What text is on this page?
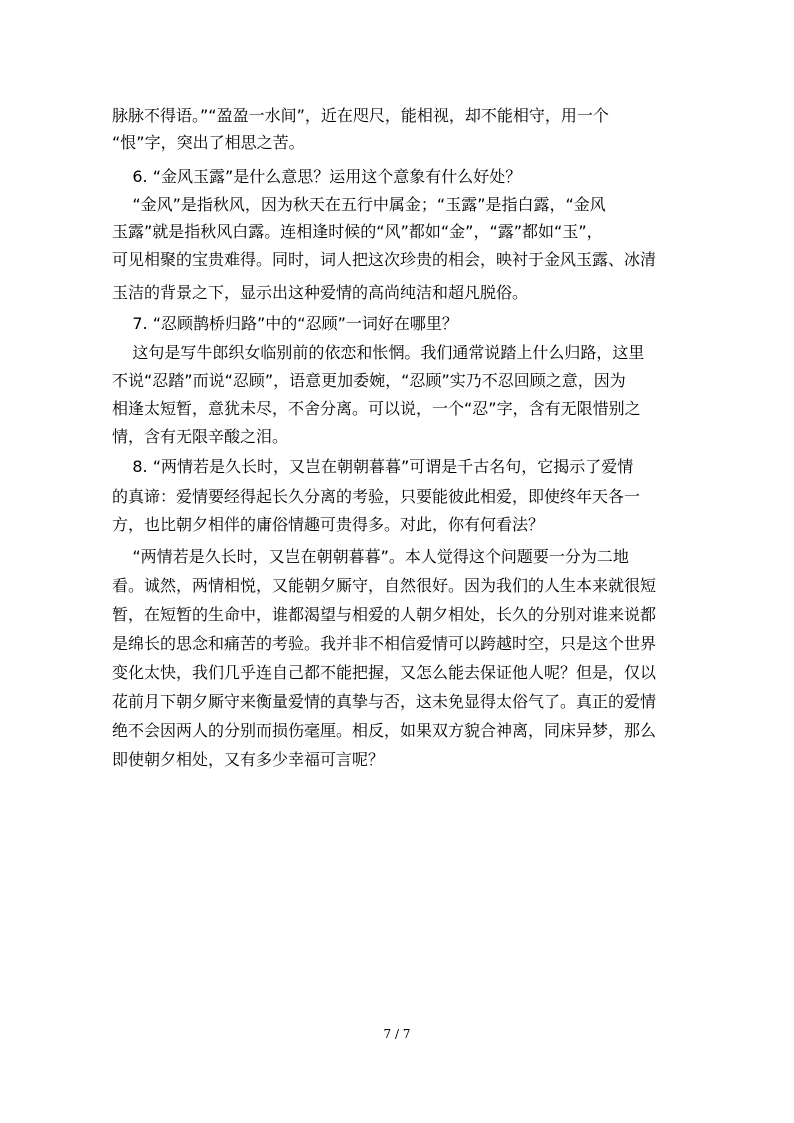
脉脉不得语。”“盈盈一水间”，近在咫尺，能相视，却不能相守，用一个
“恨”字，突出了相思之苦。
6. “金风玉露”是什么意思？运用这个意象有什么好处？
“金风”是指秋风，因为秋天在五行中属金；“玉露”是指白露，“金风
玉露”就是指秋风白露。连相逢时候的“风”都如“金”，“露”都如“玉”，
可见相聚的宝贵难得。同时，词人把这次珍贵的相会，映衬于金风玉露、冰清
玉洁的背景之下，显示出这种爱情的高尚纯洁和超凡脱俗。
7. “忍顾鹊桥归路”中的“忍顾”一词好在哪里？
这句是写牛郎织女临别前的依恋和怅惘。我们通常说踏上什么归路，这里
不说“忍踏”而说“忍顾”，语意更加委婉，“忍顾”实乃不忍回顾之意，因为
相逢太短暂，意犹未尽，不舍分离。可以说，一个“忍”字，含有无限惜别之
情，含有无限辛酸之泪。
8. “两情若是久长时，又岂在朝朝暮暮”可谓是千古名句，它揭示了爱情
的真谛：爱情要经得起长久分离的考验，只要能彼此相爱，即使终年天各一
方，也比朝夕相伴的庸俗情趣可贵得多。对此，你有何看法？
“两情若是久长时，又岂在朝朝暮暮”。本人觉得这个问题要一分为二地
看。诚然，两情相悦，又能朝夕厮守，自然很好。因为我们的人生本来就很短
暂，在短暂的生命中，谁都渴望与相爱的人朝夕相处，长久的分别对谁来说都
是绵长的思念和痛苦的考验。我并非不相信爱情可以跨越时空，只是这个世界
变化太快，我们几乎连自己都不能把握，又怎么能去保证他人呢？但是，仅以
花前月下朝夕厮守来衡量爱情的真挚与否，这未免显得太俗气了。真正的爱情
绝不会因两人的分别而损伤毫厘。相反，如果双方貌合神离，同床异梦，那么
即使朝夕相处，又有多少幸福可言呢？
7 / 7
